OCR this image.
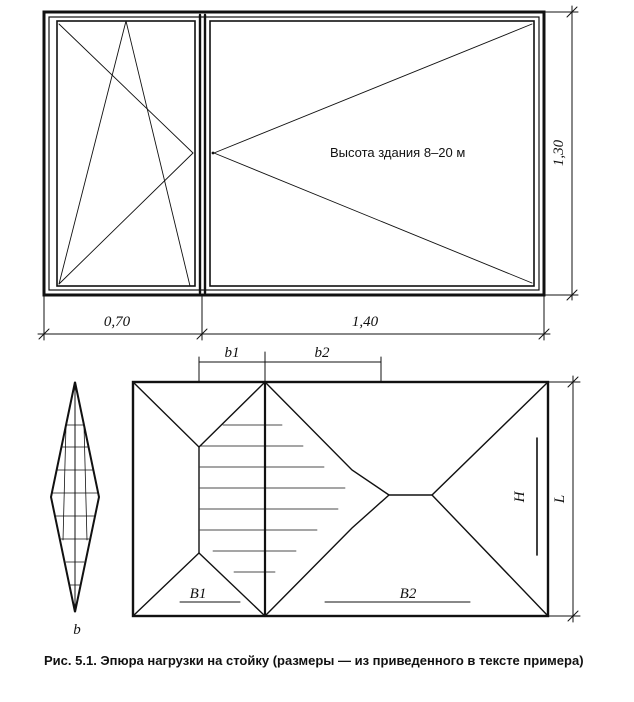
Высота здания 8–20 м	1,30
0,70	1,40
b1	b2
B1	B2
H L
b
Рис. 5.1. Эпюра нагрузки на стойку (размеры — из приведенного в тексте примера)
